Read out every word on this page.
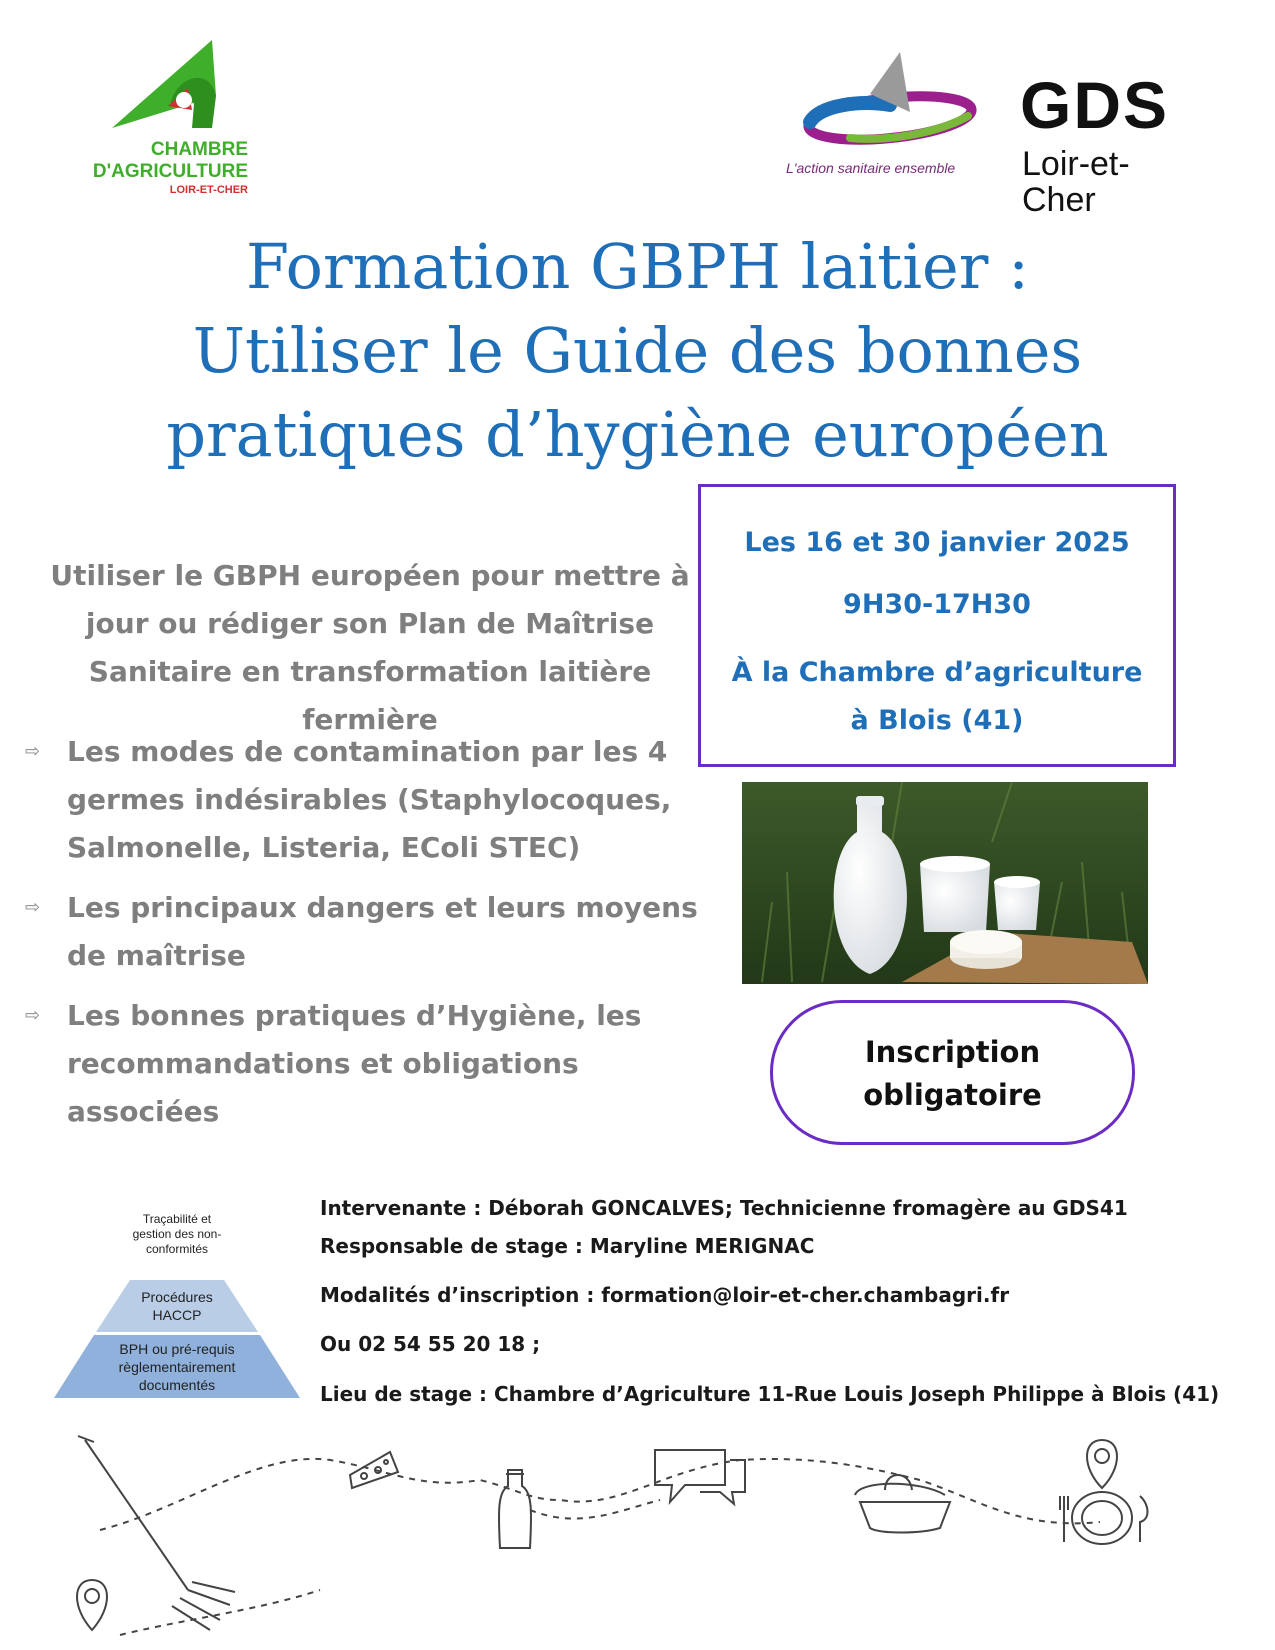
CHAMBRE
D'AGRICULTURE
LOIR-ET-CHER
GDS
Loir-et-Cher
L'action sanitaire ensemble
Formation GBPH laitier :
Utiliser le Guide des bonnes
pratiques d’hygiène européen
Utiliser le GBPH européen pour mettre à jour ou rédiger son Plan de Maîtrise Sanitaire en transformation laitière fermière
⇨ Les modes de contamination par les 4 germes indésirables (Staphylocoques, Salmonelle, Listeria, EColi STEC)
⇨ Les principaux dangers et leurs moyens de maîtrise
⇨ Les bonnes pratiques d’Hygiène, les recommandations et obligations associées
Les 16 et 30 janvier 2025
9H30-17H30
À la Chambre d’agriculture
à Blois (41)
Inscription
obligatoire
Traçabilité et gestion des non-conformités
Procédures HACCP
BPH ou pré-requis règlementairement documentés
Intervenante : Déborah GONCALVES; Technicienne fromagère au GDS41
Responsable de stage : Maryline MERIGNAC
Modalités d’inscription : formation@loir-et-cher.chambagri.fr
Ou 02 54 55 20 18 ;
Lieu de stage : Chambre d’Agriculture 11-Rue Louis Joseph Philippe à Blois (41)
